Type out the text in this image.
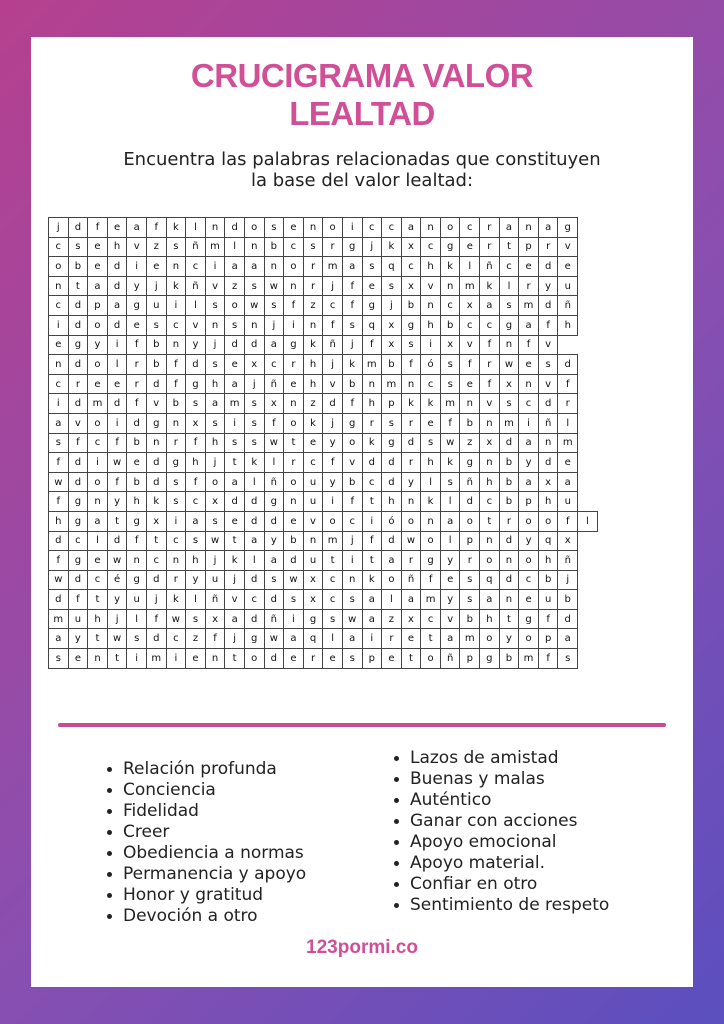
CRUCIGRAMA VALOR
LEALTAD
Encuentra las palabras relacionadas que constituyen
la base del valor lealtad:
j	d	f	e	a	f	k	l	n	d	o	s	e	n	o	i	c	c	a	n	o	c	r	a	n	a	g	
c	s	e	h	v	z	s	ñ	m	l	n	b	c	s	r	g	j	k	x	c	g	e	r	t	p	r	v	
o	b	e	d	i	e	n	c	i	a	a	n	o	r	m	a	s	q	c	h	k	l	ñ	c	e	d	e	
n	t	a	d	y	j	k	ñ	v	z	s	w	n	r	j	f	e	s	x	v	n	m	k	l	r	y	u	
c	d	p	a	g	u	i	l	s	o	w	s	f	z	c	f	g	j	b	n	c	x	a	s	m	d	ñ	
i	d	o	d	e	s	c	v	n	s	n	j	i	n	f	s	q	x	g	h	b	c	c	g	a	f	h	
e	g	y	i	f	b	n	y	j	d	d	a	g	k	ñ	j	f	x	s	i	x	v	f	n	f	v		
n	d	o	l	r	b	f	d	s	e	x	c	r	h	j	k	m	b	f	ó	s	f	r	w	e	s	d	
c	r	e	e	r	d	f	g	h	a	j	ñ	e	h	v	b	n	m	n	c	s	e	f	x	n	v	f	
i	d	m	d	f	v	b	s	a	m	s	x	n	z	d	f	h	p	k	k	m	n	v	s	c	d	r	
a	v	o	i	d	g	n	x	s	i	s	f	o	k	j	g	r	s	r	e	f	b	n	m	i	ñ	l	
s	f	c	f	b	n	r	f	h	s	s	w	t	e	y	o	k	g	d	s	w	z	x	d	a	n	m	
f	d	i	w	e	d	g	h	j	t	k	l	r	c	f	v	d	d	r	h	k	g	n	b	y	d	e	
w	d	o	f	b	d	s	f	o	a	l	ñ	o	u	y	b	c	d	y	l	s	ñ	h	b	a	x	a	
f	g	n	y	h	k	s	c	x	d	d	g	n	u	i	f	t	h	n	k	l	d	c	b	p	h	u	
h	g	a	t	g	x	i	a	s	e	d	d	e	v	o	c	i	ó	o	n	a	o	t	r	o	o	f	l
d	c	l	d	f	t	c	s	w	t	a	y	b	n	m	j	f	d	w	o	l	p	n	d	y	q	x	
f	g	e	w	n	c	n	h	j	k	l	a	d	u	t	i	t	a	r	g	y	r	o	n	o	h	ñ	
w	d	c	é	g	d	r	y	u	j	d	s	w	x	c	n	k	o	ñ	f	e	s	q	d	c	b	j	
d	f	t	y	u	j	k	l	ñ	v	c	d	s	x	c	s	a	l	a	m	y	s	a	n	e	u	b	
m	u	h	j	l	f	w	s	x	a	d	ñ	i	g	s	w	a	z	x	c	v	b	h	t	g	f	d	
a	y	t	w	s	d	c	z	f	j	g	w	a	q	l	a	i	r	e	t	a	m	o	y	o	p	a	
s	e	n	t	i	m	i	e	n	t	o	d	e	r	e	s	p	e	t	o	ñ	p	g	b	m	f	s	
Relación profunda
Conciencia
Fidelidad
Creer
Obediencia a normas
Permanencia y apoyo
Honor y gratitud
Devoción a otro
Lazos de amistad
Buenas y malas
Auténtico
Ganar con acciones
Apoyo emocional
Apoyo material.
Confiar en otro
Sentimiento de respeto
123pormi.co
